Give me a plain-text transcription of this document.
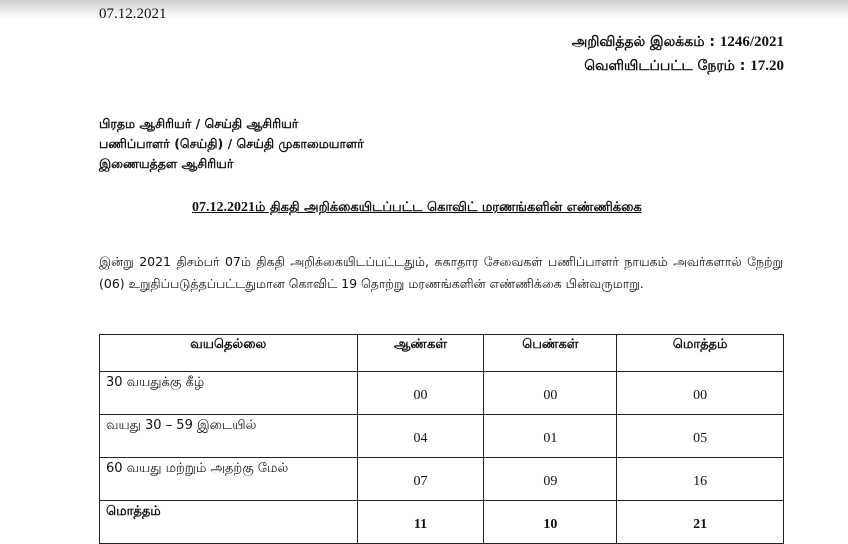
07.12.2021
அறிவித்தல் இலக்கம் : 1246/2021
வெளியிடப்பட்ட நேரம் : 17.20
பிரதம ஆசிரியர் / செய்தி ஆசிரியர்
பணிப்பாளர் (செய்தி) / செய்தி முகாமையாளர்
இணையத்தள ஆசிரியர்
07.12.2021ம் திகதி அறிக்கையிடப்பட்ட கொவிட் மரணங்களின் எண்ணிக்கை
இன்று 2021 திசம்பர் 07ம் திகதி அறிக்கையிடப்பட்டதும், சுகாதார சேவைகள் பணிப்பாளர் நாயகம் அவர்களால் நேற்று (06) உறுதிப்படுத்தப்பட்டதுமான கொவிட் 19 தொற்று மரணங்களின் எண்ணிக்கை பின்வருமாறு.
வயதெல்லை	ஆண்கள்	பெண்கள்	மொத்தம்
30 வயதுக்கு கீழ்	00	00	00
வயது 30 – 59 இடையில்	04	01	05
60 வயது மற்றும் அதற்கு மேல்	07	09	16
மொத்தம்	11	10	21
